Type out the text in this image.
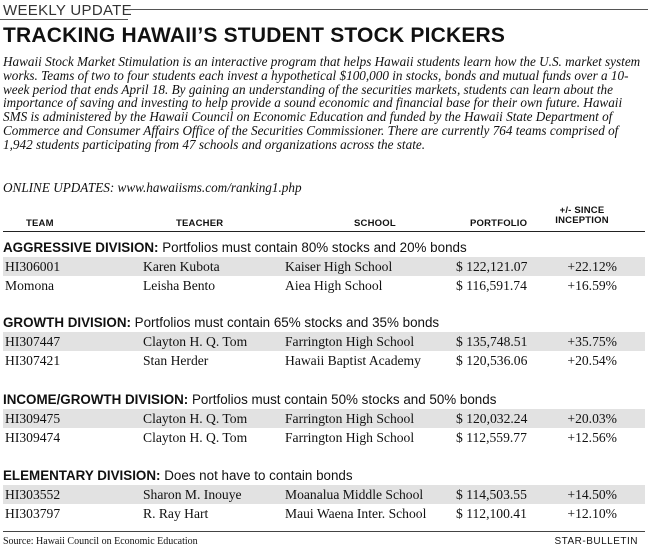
WEEKLY UPDATE
TRACKING HAWAII’S STUDENT STOCK PICKERS
Hawaii Stock Market Stimulation is an interactive program that helps Hawaii students learn how the U.S. market system works. Teams of two to four students each invest a hypothetical $100,000 in stocks, bonds and mutual funds over a 10-week period that ends April 18. By gaining an understanding of the securities markets, students can learn about the importance of saving and investing to help provide a sound economic and financial base for their own future. Hawaii SMS is administered by the Hawaii Council on Economic Education and funded by the Hawaii State Department of Commerce and Consumer Affairs Office of the Securities Commissioner. There are currently 764 teams comprised of 1,942 students participating from 47 schools and organizations across the state.
ONLINE UPDATES: www.hawaiisms.com/ranking1.php
TEAM	TEACHER	SCHOOL	PORTFOLIO
+/- SINCE
INCEPTION
AGGRESSIVE DIVISION: Portfolios must contain 80% stocks and 20% bonds
HI306001	Karen Kubota	Kaiser High School	$ 122,121.07	+22.12%
Momona	Leisha Bento	Aiea High School	$ 116,591.74	+16.59%
GROWTH DIVISION: Portfolios must contain 65% stocks and 35% bonds
HI307447	Clayton H. Q. Tom	Farrington High School	$ 135,748.51	+35.75%
HI307421	Stan Herder	Hawaii Baptist Academy	$ 120,536.06	+20.54%
INCOME/GROWTH DIVISION: Portfolios must contain 50% stocks and 50% bonds
HI309475	Clayton H. Q. Tom	Farrington High School	$ 120,032.24	+20.03%
HI309474	Clayton H. Q. Tom	Farrington High School	$ 112,559.77	+12.56%
ELEMENTARY DIVISION: Does not have to contain bonds
HI303552	Sharon M. Inouye	Moanalua Middle School $ 114,503.55	+14.50%
HI303797	R. Ray Hart	Maui Waena Inter. School $ 112,100.41	+12.10%
Source: Hawaii Council on Economic Education	STAR-BULLETIN
